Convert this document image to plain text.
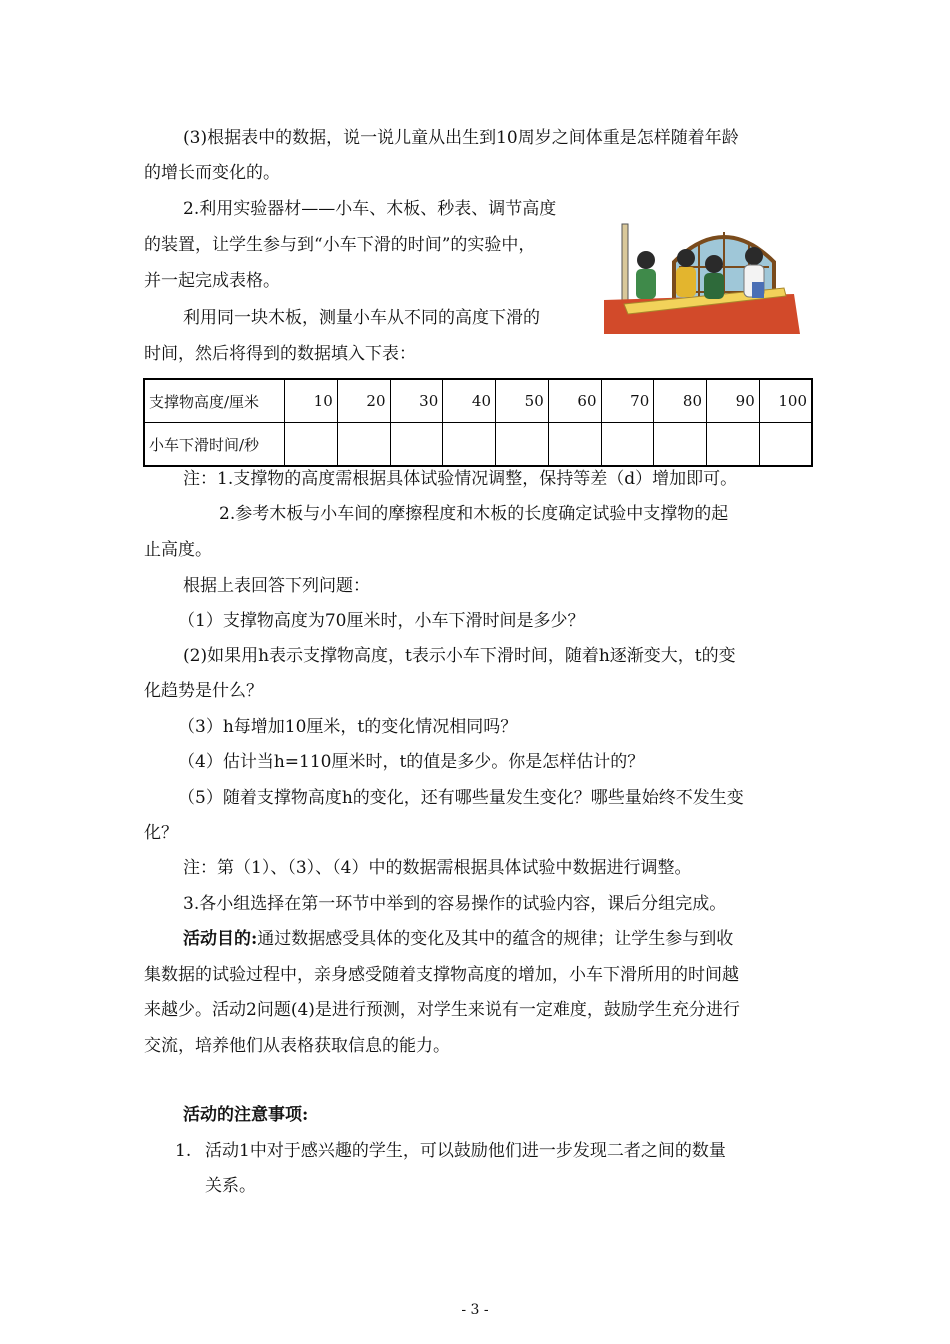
(3)根据表中的数据，说一说儿童从出生到10周岁之间体重是怎样随着年龄
的增长而变化的。
2.利用实验器材——小车、木板、秒表、调节高度
的装置，让学生参与到“小车下滑的时间”的实验中，
并一起完成表格。
利用同一块木板，测量小车从不同的高度下滑的
时间，然后将得到的数据填入下表：
支撑物高度/厘米	10	20	30	40	50	60	70	80	90	100
小车下滑时间/秒										
注：1.支撑物的高度需根据具体试验情况调整，保持等差（d）增加即可。
2.参考木板与小车间的摩擦程度和木板的长度确定试验中支撑物的起
止高度。
根据上表回答下列问题：
（1）支撑物高度为70厘米时，小车下滑时间是多少？
(2)如果用h表示支撑物高度，t表示小车下滑时间，随着h逐渐变大，t的变
化趋势是什么？
（3）h每增加10厘米，t的变化情况相同吗？
（4）估计当h=110厘米时，t的值是多少。你是怎样估计的？
（5）随着支撑物高度h的变化，还有哪些量发生变化？哪些量始终不发生变
化？
注：第（1）、（3）、（4）中的数据需根据具体试验中数据进行调整。
3.各小组选择在第一环节中举到的容易操作的试验内容，课后分组完成。
活动目的:通过数据感受具体的变化及其中的蕴含的规律；让学生参与到收
集数据的试验过程中，亲身感受随着支撑物高度的增加，小车下滑所用的时间越
来越少。活动2问题(4)是进行预测，对学生来说有一定难度，鼓励学生充分进行
交流，培养他们从表格获取信息的能力。
活动的注意事项:
1. 活动1中对于感兴趣的学生，可以鼓励他们进一步发现二者之间的数量
关系。
- 3 -
